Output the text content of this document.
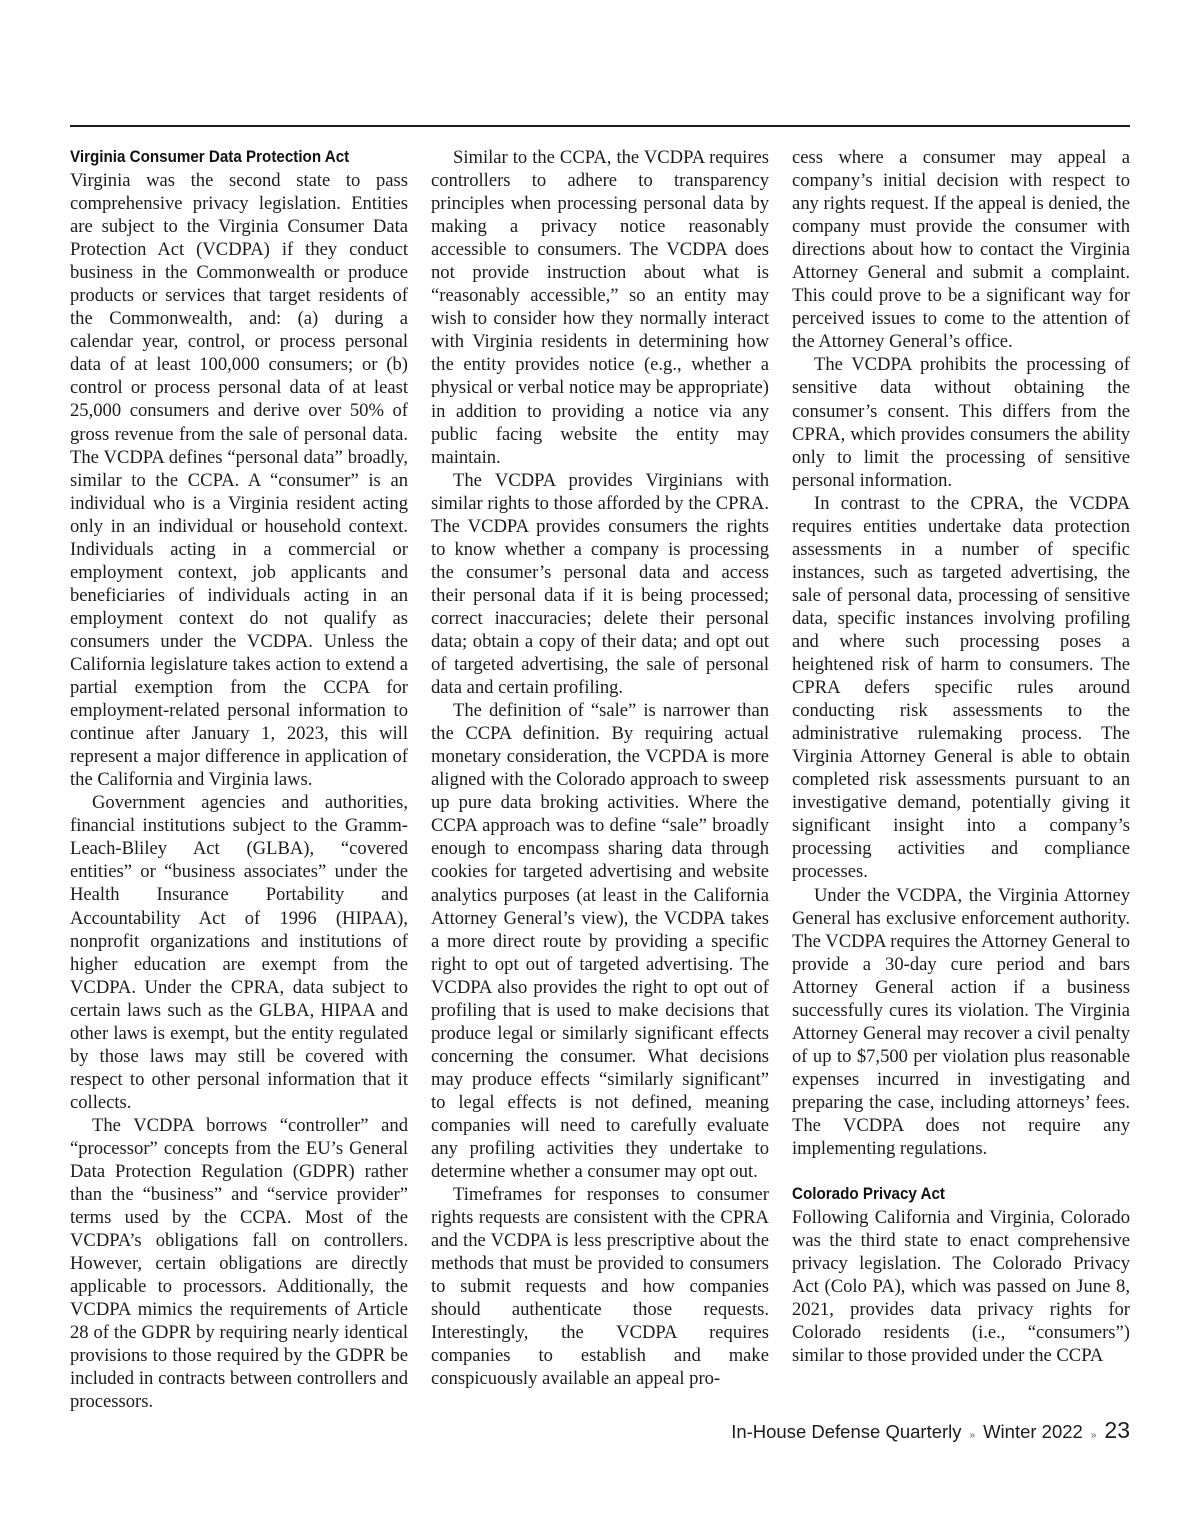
Virginia Consumer Data Protection Act

Virginia was the second state to pass comprehensive privacy legislation. Entities are subject to the Virginia Consumer Data Protection Act (VCDPA) if they conduct business in the Commonwealth or produce products or services that target residents of the Commonwealth, and: (a) during a calendar year, control, or process personal data of at least 100,000 consumers; or (b) control or process personal data of at least 25,000 consumers and derive over 50% of gross revenue from the sale of personal data. The VCDPA defines “personal data” broadly, similar to the CCPA. A “consumer” is an individual who is a Virginia resident acting only in an individual or household context. Individuals acting in a commercial or employment context, job applicants and beneficiaries of individuals acting in an employment context do not qualify as consumers under the VCDPA. Unless the California legislature takes action to extend a partial exemption from the CCPA for employment-related personal information to continue after January 1, 2023, this will represent a major difference in application of the California and Virginia laws.

Government agencies and authorities, financial institutions subject to the Gramm-Leach-Bliley Act (GLBA), “covered entities” or “business associates” under the Health Insurance Portability and Accountability Act of 1996 (HIPAA), nonprofit organizations and institutions of higher education are exempt from the VCDPA. Under the CPRA, data subject to certain laws such as the GLBA, HIPAA and other laws is exempt, but the entity regulated by those laws may still be covered with respect to other personal information that it collects.

The VCDPA borrows “controller” and “processor” concepts from the EU’s General Data Protection Regulation (GDPR) rather than the “business” and “service provider” terms used by the CCPA. Most of the VCDPA’s obligations fall on controllers. However, certain obligations are directly applicable to processors. Additionally, the VCDPA mimics the requirements of Article 28 of the GDPR by requiring nearly identical provisions to those required by the GDPR be included in contracts between controllers and processors.

Similar to the CCPA, the VCDPA requires controllers to adhere to transparency principles when processing personal data by making a privacy notice reasonably accessible to consumers. The VCDPA does not provide instruction about what is “reasonably accessible,” so an entity may wish to consider how they normally interact with Virginia residents in determining how the entity provides notice (e.g., whether a physical or verbal notice may be appropriate) in addition to providing a notice via any public facing website the entity may maintain.

The VCDPA provides Virginians with similar rights to those afforded by the CPRA. The VCDPA provides consumers the rights to know whether a company is processing the consumer’s personal data and access their personal data if it is being processed; correct inaccuracies; delete their personal data; obtain a copy of their data; and opt out of targeted advertising, the sale of personal data and certain profiling.

The definition of “sale” is narrower than the CCPA definition. By requiring actual monetary consideration, the VCPDA is more aligned with the Colorado approach to sweep up pure data broking activities. Where the CCPA approach was to define “sale” broadly enough to encompass sharing data through cookies for targeted advertising and website analytics purposes (at least in the California Attorney General’s view), the VCDPA takes a more direct route by providing a specific right to opt out of targeted advertising. The VCDPA also provides the right to opt out of profiling that is used to make decisions that produce legal or similarly significant effects concerning the consumer. What decisions may produce effects “similarly significant” to legal effects is not defined, meaning companies will need to carefully evaluate any profiling activities they undertake to determine whether a consumer may opt out.

Timeframes for responses to consumer rights requests are consistent with the CPRA and the VCDPA is less prescriptive about the methods that must be provided to consumers to submit requests and how companies should authenticate those requests. Interestingly, the VCDPA requires companies to establish and make conspicuously available an appeal pro-

cess where a consumer may appeal a company’s initial decision with respect to any rights request. If the appeal is denied, the company must provide the consumer with directions about how to contact the Virginia Attorney General and submit a complaint. This could prove to be a significant way for perceived issues to come to the attention of the Attorney General’s office.

The VCDPA prohibits the processing of sensitive data without obtaining the consumer’s consent. This differs from the CPRA, which provides consumers the ability only to limit the processing of sensitive personal information.

In contrast to the CPRA, the VCDPA requires entities undertake data protection assessments in a number of specific instances, such as targeted advertising, the sale of personal data, processing of sensitive data, specific instances involving profiling and where such processing poses a heightened risk of harm to consumers. The CPRA defers specific rules around conducting risk assessments to the administrative rulemaking process. The Virginia Attorney General is able to obtain completed risk assessments pursuant to an investigative demand, potentially giving it significant insight into a company’s processing activities and compliance processes.

Under the VCDPA, the Virginia Attorney General has exclusive enforcement authority. The VCDPA requires the Attorney General to provide a 30-day cure period and bars Attorney General action if a business successfully cures its violation. The Virginia Attorney General may recover a civil penalty of up to $7,500 per violation plus reasonable expenses incurred in investigating and preparing the case, including attorneys’ fees. The VCDPA does not require any implementing regulations.

Colorado Privacy Act

Following California and Virginia, Colorado was the third state to enact comprehensive privacy legislation. The Colorado Privacy Act (Colo PA), which was passed on June 8, 2021, provides data privacy rights for Colorado residents (i.e., “consumers”) similar to those provided under the CCPA

In-House Defense Quarterly » Winter 2022 » 23
